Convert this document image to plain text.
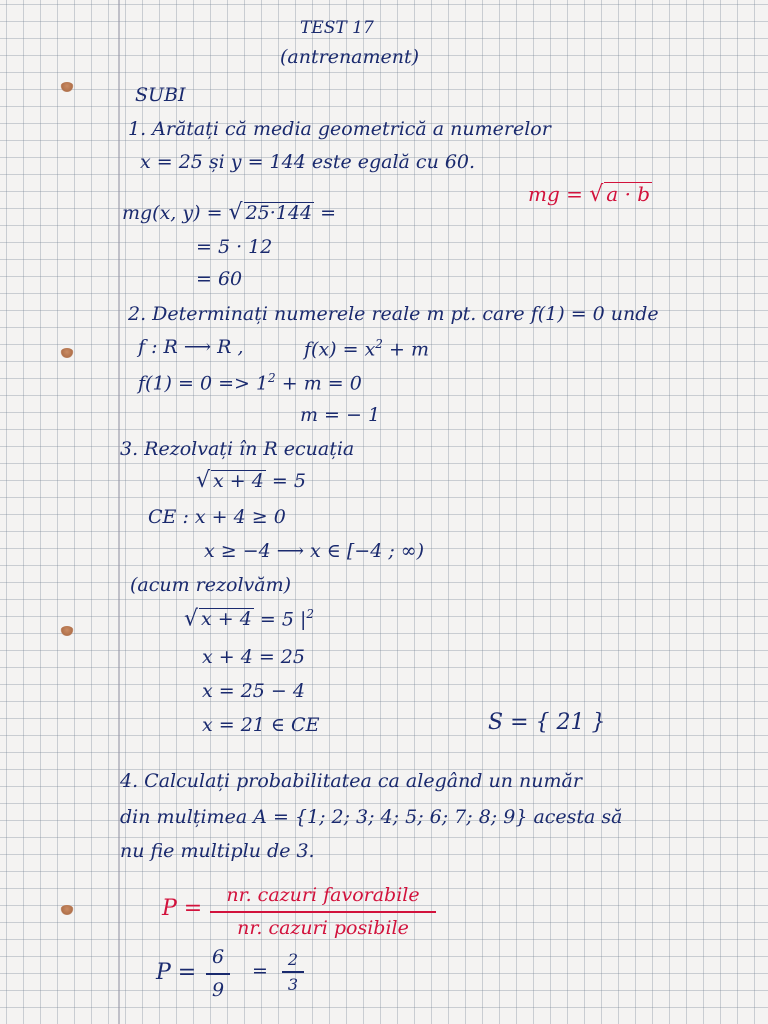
TEST 17
(antrenament)
SUBI
1. Arătați că media geometrică a numerelor
x = 25 și y = 144 este egală cu 60.
mg = √ a · b
mg(x, y) = √ 25·144 =
= 5 · 12
= 60
2. Determinați numerele reale m pt. care f(1) = 0 unde
f : R ⟶ R ,	$f(x) = x^2 + m$
$f(1) = 0 => 1^2 + m = 0$
m = − 1
3. Rezolvați în R ecuația
√ x + 4 = 5
CE : x + 4 ≥ 0
x ≥ −4 ⟶ x ∈ [−4 ; ∞)
(acum rezolvăm)
√ x + 4 = 5 $|^2$
x + 4 = 25
x = 25 − 4
x = 21 ∈ CE	S = { 21 }
4. Calculați probabilitatea ca alegând un număr
din mulțimea A = {1; 2; 3; 4; 5; 6; 7; 8; 9} acesta să
nu fie multiplu de 3.
P =
nr. cazuri favorabile
nr. cazuri posibile
P =
6
9
=
2
3
